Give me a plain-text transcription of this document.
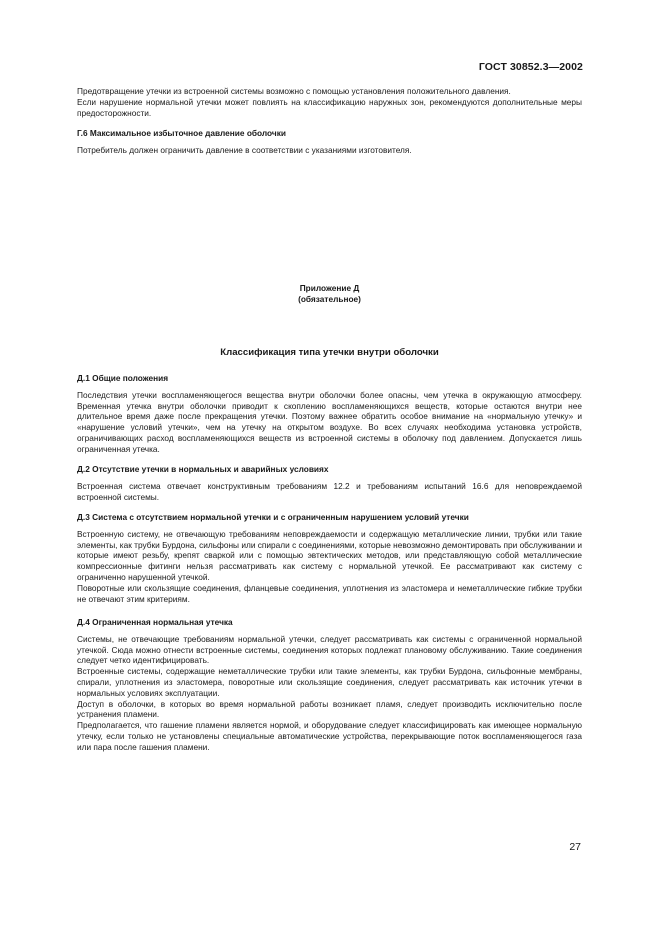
ГОСТ 30852.3—2002

Предотвращение утечки из встроенной системы возможно с помощью установления положительного давления.

Если нарушение нормальной утечки может повлиять на классификацию наружных зон, рекомендуются дополнительные меры предосторожности.

Г.6 Максимальное избыточное давление оболочки

Потребитель должен ограничить давление в соответствии с указаниями изготовителя.

Приложение Д
(обязательное)
Классификация типа утечки внутри оболочки
Д.1 Общие положения

Последствия утечки воспламеняющегося вещества внутри оболочки более опасны, чем утечка в окружающую атмосферу. Временная утечка внутри оболочки приводит к скоплению воспламеняющихся веществ, которые остаются внутри нее длительное время даже после прекращения утечки. Поэтому важнее обратить особое внимание на «нормальную утечку» и «нарушение условий утечки», чем на утечку на открытом воздухе. Во всех случаях необходима установка устройств, ограничивающих расход воспламеняющихся веществ из встроенной системы в оболочку под давлением. Допускается лишь ограниченная утечка.

Д.2 Отсутствие утечки в нормальных и аварийных условиях

Встроенная система отвечает конструктивным требованиям 12.2 и требованиям испытаний 16.6 для неповреждаемой встроенной системы.

Д.3 Система с отсутствием нормальной утечки и с ограниченным нарушением условий утечки

Встроенную систему, не отвечающую требованиям неповреждаемости и содержащую металлические линии, трубки или такие элементы, как трубки Бурдона, сильфоны или спирали с соединениями, которые невозможно демонтировать при обслуживании и которые имеют резьбу, крепят сваркой или с помощью эвтектических методов, или представляющую собой металлические компрессионные фитинги нельзя рассматривать как систему с нормальной утечкой. Ее рассматривают как систему с ограниченно нарушенной утечкой.

Поворотные или скользящие соединения, фланцевые соединения, уплотнения из эластомера и неметаллические гибкие трубки не отвечают этим критериям.

Д.4 Ограниченная нормальная утечка

Системы, не отвечающие требованиям нормальной утечки, следует рассматривать как системы с ограниченной нормальной утечкой. Сюда можно отнести встроенные системы, соединения которых подлежат плановому обслуживанию. Такие соединения следует четко идентифицировать.

Встроенные системы, содержащие неметаллические трубки или такие элементы, как трубки Бурдона, сильфонные мембраны, спирали, уплотнения из эластомера, поворотные или скользящие соединения, следует рассматривать как источник утечки в нормальных условиях эксплуатации.

Доступ в оболочки, в которых во время нормальной работы возникает пламя, следует производить исключительно после устранения пламени.

Предполагается, что гашение пламени является нормой, и оборудование следует классифицировать как имеющее нормальную утечку, если только не установлены специальные автоматические устройства, перекрывающие поток воспламеняющегося газа или пара после гашения пламени.

27
